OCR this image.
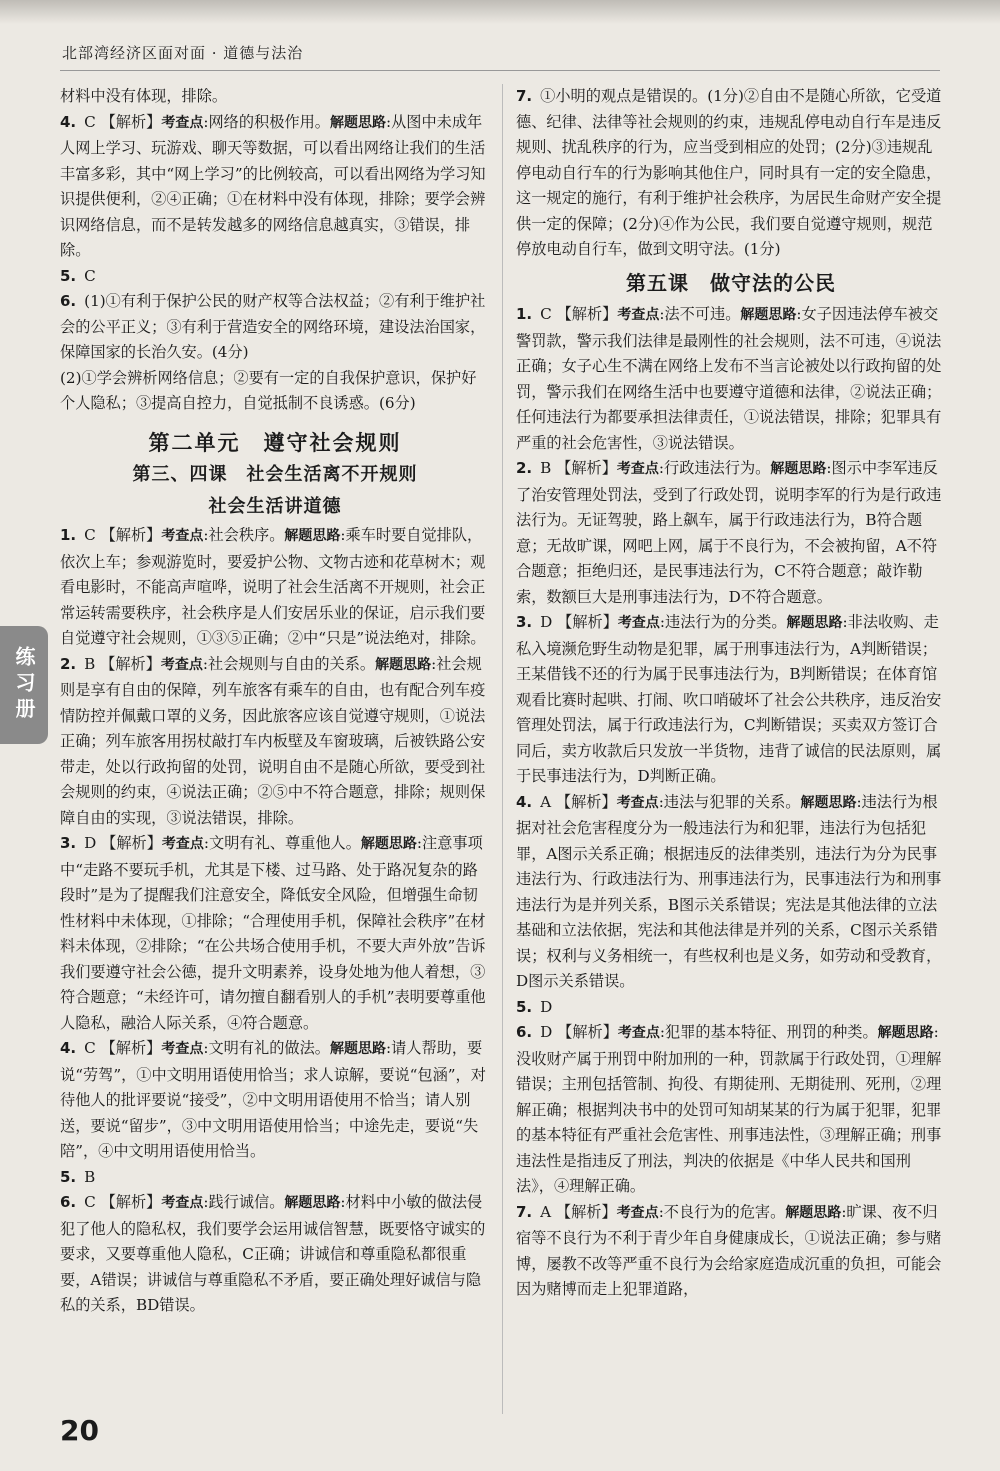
北部湾经济区面对面 · 道德与法治
练习册

材料中没有体现，排除。

4. C 【解析】考查点:网络的积极作用。解题思路:从图中未成年人网上学习、玩游戏、聊天等数据，可以看出网络让我们的生活丰富多彩，其中“网上学习”的比例较高，可以看出网络为学习知识提供便利，②④正确；①在材料中没有体现，排除；要学会辨识网络信息，而不是转发越多的网络信息越真实，③错误，排除。

5. C

6. (1)①有利于保护公民的财产权等合法权益；②有利于维护社会的公平正义；③有利于营造安全的网络环境，建设法治国家，保障国家的长治久安。(4分)

(2)①学会辨析网络信息；②要有一定的自我保护意识，保护好个人隐私；③提高自控力，自觉抵制不良诱惑。(6分)

第二单元　遵守社会规则
第三、四课　社会生活离不开规则
社会生活讲道德

1. C 【解析】考查点:社会秩序。解题思路:乘车时要自觉排队，依次上车；参观游览时，要爱护公物、文物古迹和花草树木；观看电影时，不能高声喧哗，说明了社会生活离不开规则，社会正常运转需要秩序，社会秩序是人们安居乐业的保证，启示我们要自觉遵守社会规则，①③⑤正确；②中“只是”说法绝对，排除。

2. B 【解析】考查点:社会规则与自由的关系。解题思路:社会规则是享有自由的保障，列车旅客有乘车的自由，也有配合列车疫情防控并佩戴口罩的义务，因此旅客应该自觉遵守规则，①说法正确；列车旅客用拐杖敲打车内板壁及车窗玻璃，后被铁路公安带走，处以行政拘留的处罚，说明自由不是随心所欲，要受到社会规则的约束，④说法正确；②⑤中不符合题意，排除；规则保障自由的实现，③说法错误，排除。

3. D 【解析】考查点:文明有礼、尊重他人。解题思路:注意事项中“走路不要玩手机，尤其是下楼、过马路、处于路况复杂的路段时”是为了提醒我们注意安全，降低安全风险，但增强生命韧性材料中未体现，①排除；“合理使用手机，保障社会秩序”在材料未体现，②排除；“在公共场合使用手机，不要大声外放”告诉我们要遵守社会公德，提升文明素养，设身处地为他人着想，③符合题意；“未经许可，请勿擅自翻看别人的手机”表明要尊重他人隐私，融洽人际关系，④符合题意。

4. C 【解析】考查点:文明有礼的做法。解题思路:请人帮助，要说“劳驾”，①中文明用语使用恰当；求人谅解，要说“包涵”，对待他人的批评要说“接受”，②中文明用语使用不恰当；请人别送，要说“留步”，③中文明用语使用恰当；中途先走，要说“失陪”，④中文明用语使用恰当。

5. B

6. C 【解析】考查点:践行诚信。解题思路:材料中小敏的做法侵犯了他人的隐私权，我们要学会运用诚信智慧，既要恪守诚实的要求，又要尊重他人隐私，C正确；讲诚信和尊重隐私都很重要，A错误；讲诚信与尊重隐私不矛盾，要正确处理好诚信与隐私的关系，BD错误。

7. ①小明的观点是错误的。(1分)②自由不是随心所欲，它受道德、纪律、法律等社会规则的约束，违规乱停电动自行车是违反规则、扰乱秩序的行为，应当受到相应的处罚；(2分)③违规乱停电动自行车的行为影响其他住户，同时具有一定的安全隐患，这一规定的施行，有利于维护社会秩序，为居民生命财产安全提供一定的保障；(2分)④作为公民，我们要自觉遵守规则，规范停放电动自行车，做到文明守法。(1分)

第五课　做守法的公民

1. C 【解析】考查点:法不可违。解题思路:女子因违法停车被交警罚款，警示我们法律是最刚性的社会规则，法不可违，④说法正确；女子心生不满在网络上发布不当言论被处以行政拘留的处罚，警示我们在网络生活中也要遵守道德和法律，②说法正确；任何违法行为都要承担法律责任，①说法错误，排除；犯罪具有严重的社会危害性，③说法错误。

2. B 【解析】考查点:行政违法行为。解题思路:图示中李军违反了治安管理处罚法，受到了行政处罚，说明李军的行为是行政违法行为。无证驾驶，路上飙车，属于行政违法行为，B符合题意；无故旷课，网吧上网，属于不良行为，不会被拘留，A不符合题意；拒绝归还，是民事违法行为，C不符合题意；敲诈勒索，数额巨大是刑事违法行为，D不符合题意。

3. D 【解析】考查点:违法行为的分类。解题思路:非法收购、走私入境濒危野生动物是犯罪，属于刑事违法行为，A判断错误；王某借钱不还的行为属于民事违法行为，B判断错误；在体育馆观看比赛时起哄、打闹、吹口哨破坏了社会公共秩序，违反治安管理处罚法，属于行政违法行为，C判断错误；买卖双方签订合同后，卖方收款后只发放一半货物，违背了诚信的民法原则，属于民事违法行为，D判断正确。

4. A 【解析】考查点:违法与犯罪的关系。解题思路:违法行为根据对社会危害程度分为一般违法行为和犯罪，违法行为包括犯罪，A图示关系正确；根据违反的法律类别，违法行为分为民事违法行为、行政违法行为、刑事违法行为，民事违法行为和刑事违法行为是并列关系，B图示关系错误；宪法是其他法律的立法基础和立法依据，宪法和其他法律是并列的关系，C图示关系错误；权利与义务相统一，有些权利也是义务，如劳动和受教育，D图示关系错误。

5. D

6. D 【解析】考查点:犯罪的基本特征、刑罚的种类。解题思路:没收财产属于刑罚中附加刑的一种，罚款属于行政处罚，①理解错误；主刑包括管制、拘役、有期徒刑、无期徒刑、死刑，②理解正确；根据判决书中的处罚可知胡某某的行为属于犯罪，犯罪的基本特征有严重社会危害性、刑事违法性，③理解正确；刑事违法性是指违反了刑法，判决的依据是《中华人民共和国刑法》，④理解正确。

7. A 【解析】考查点:不良行为的危害。解题思路:旷课、夜不归宿等不良行为不利于青少年自身健康成长，①说法正确；参与赌博，屡教不改等严重不良行为会给家庭造成沉重的负担，可能会因为赌博而走上犯罪道路，

20
